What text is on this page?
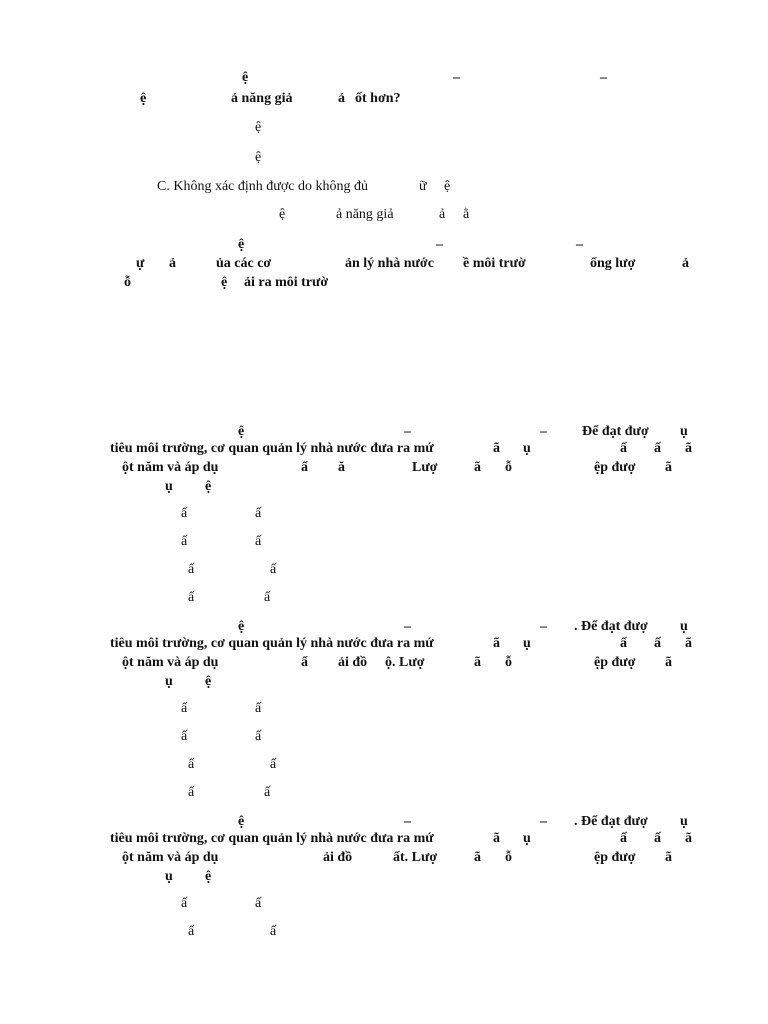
ệ	–	–
ệ	ả năng giả	ả ốt hơn?
ệ
ệ
C. Không xác định được do không đủ	ữ ệ
ệ	ả năng giả	ả ằ
ệ	–	–
ự ả	ủa các cơ	ản lý nhà nước ề môi trườ	ổng lượ	ả
ỗ	ệ ải ra môi trườ
ệ	–	–	Để đạt đượ ụ
tiêu môi trường, cơ quan quản lý nhà nước đưa ra mứ	ã ụ	ấ ấ ã
ột năm và áp dụ	ẩ ă	Lượ	ã ỗ	ệp đượ ã
ụ ệ
ấ	ấ
ấ	ấ
ấ	ấ
ấ	ấ
ệ	–	– . Để đạt đượ ụ
tiêu môi trường, cơ quan quản lý nhà nước đưa ra mứ	ã ụ	ấ ấ ã
ột năm và áp dụ	ẩ ải đồ ộ. Lượ	ã ỗ	ệp đượ ã
ụ ệ
ấ	ấ
ấ	ấ
ấ	ấ
ấ	ấ
ệ	–	– . Để đạt đượ ụ
tiêu môi trường, cơ quan quản lý nhà nước đưa ra mứ	ã ụ	ấ ấ ã
ột năm và áp dụ	ải đồ	ất. Lượ	ã ỗ	ệp đượ ã
ụ ệ
ấ	ấ
ấ	ấ
